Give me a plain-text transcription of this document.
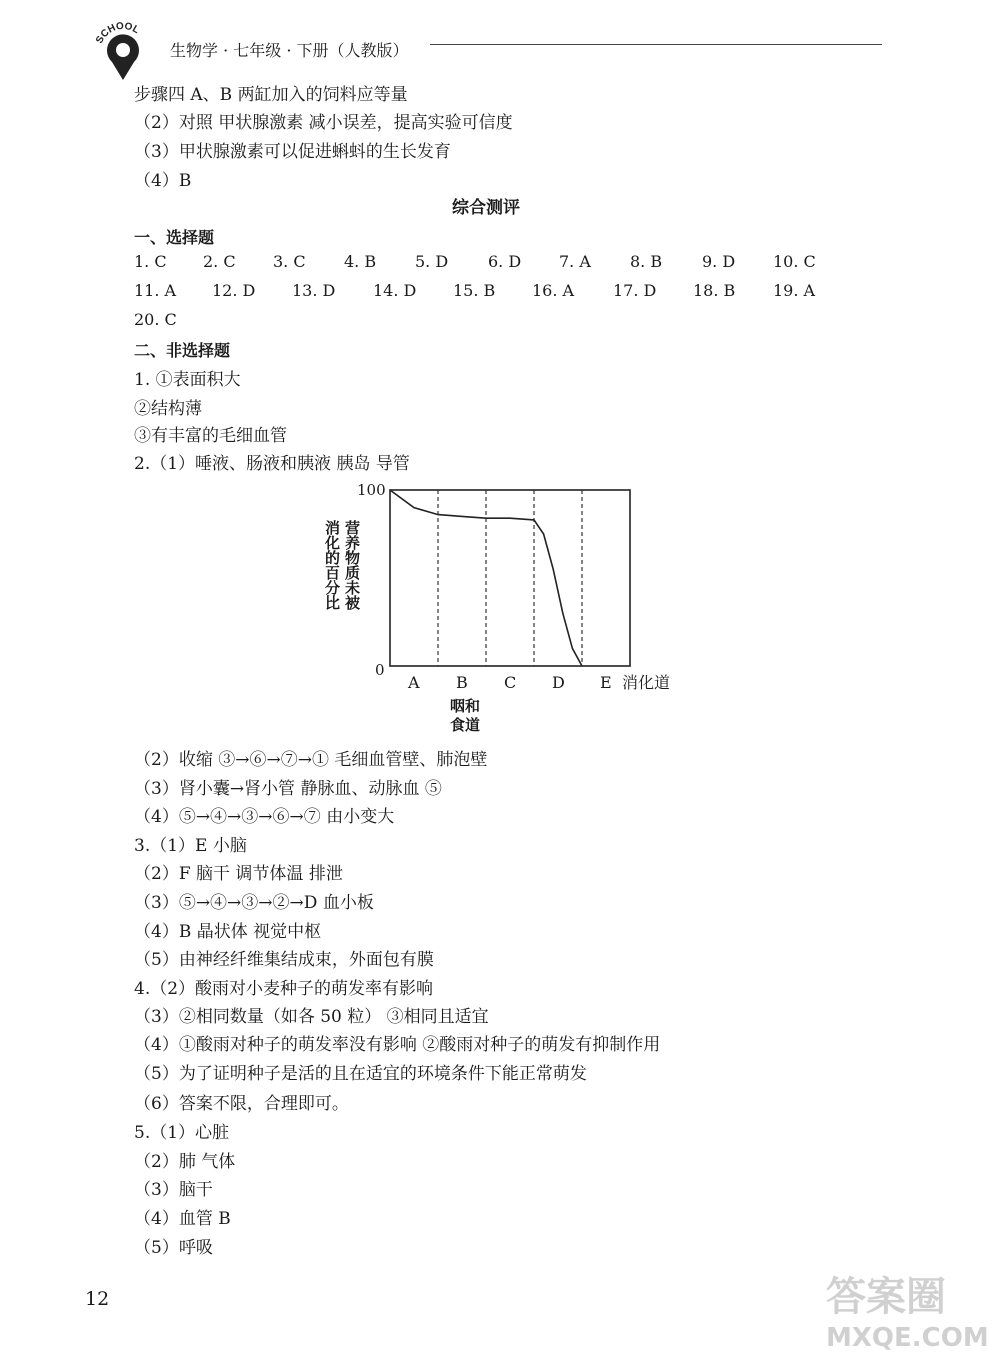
SCHOOL
生物学 · 七年级 · 下册（人教版）
步骤四 A、B 两缸加入的饲料应等量
（2）对照 甲状腺激素 减小误差，提高实验可信度
（3）甲状腺激素可以促进蝌蚪的生长发育
（4）B
综合测评
一、选择题
1. C 2. C 3. C 4. B 5. D 6. D 7. A 8. B 9. D 10. C
11. A 12. D 13. D 14. D 15. B 16. A 17. D 18. B 19. A
20. C
二、非选择题
1. ①表面积大
②结构薄
③有丰富的毛细血管
2.（1）唾液、肠液和胰液 胰岛 导管
营养物质未被
消化的百分比
100
0
A B C D E 消化道
咽和
食道
（2）收缩 ③→⑥→⑦→① 毛细血管壁、肺泡壁
（3）肾小囊→肾小管 静脉血、动脉血 ⑤
（4）⑤→④→③→⑥→⑦ 由小变大
3.（1）E 小脑
（2）F 脑干 调节体温 排泄
（3）⑤→④→③→②→D 血小板
（4）B 晶状体 视觉中枢
（5）由神经纤维集结成束，外面包有膜
4.（2）酸雨对小麦种子的萌发率有影响
（3）②相同数量（如各 50 粒） ③相同且适宜
（4）①酸雨对种子的萌发率没有影响 ②酸雨对种子的萌发有抑制作用
（5）为了证明种子是活的且在适宜的环境条件下能正常萌发
（6）答案不限，合理即可。
5.（1）心脏
（2）肺 气体
（3）脑干
（4）血管 B
（5）呼吸
12	答案圈
MXQE.COM
